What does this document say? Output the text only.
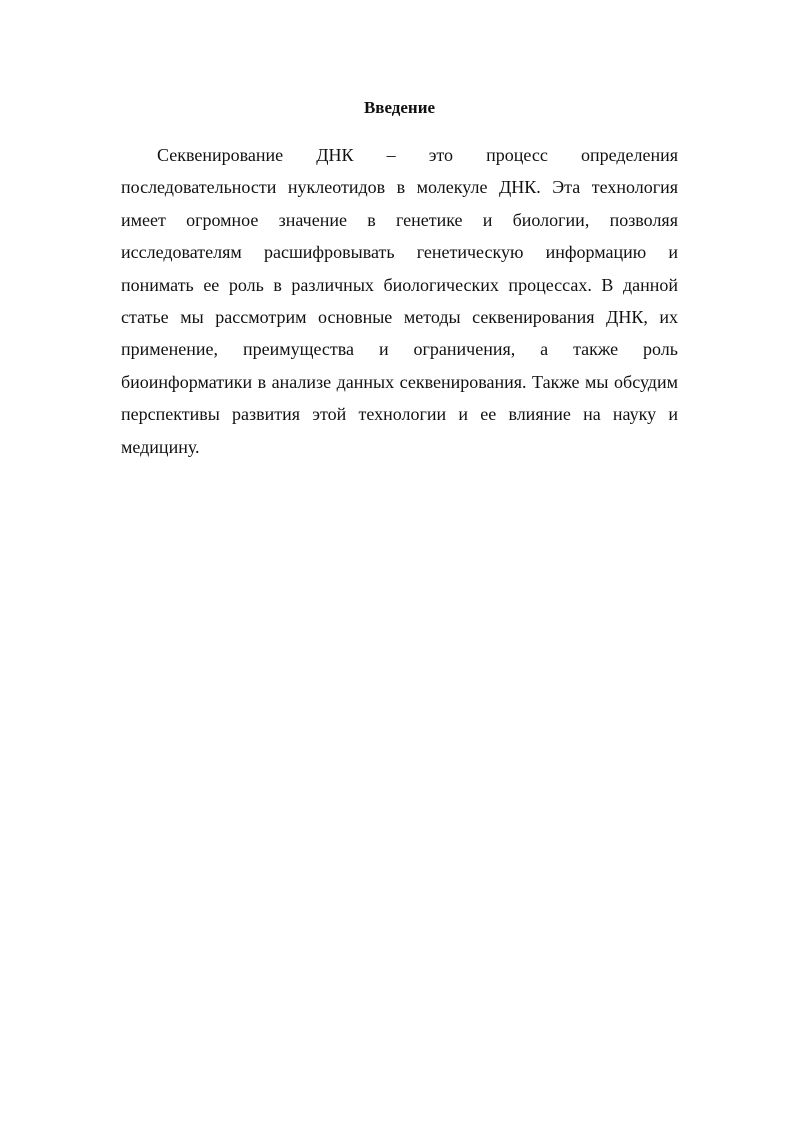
Введение

Секвенирование ДНК – это процесс определения последовательности нуклеотидов в молекуле ДНК. Эта технология имеет огромное значение в генетике и биологии, позволяя исследователям расшифровывать генетическую информацию и понимать ее роль в различных биологических процессах. В данной статье мы рассмотрим основные методы секвенирования ДНК, их применение, преимущества и ограничения, а также роль биоинформатики в анализе данных секвенирования. Также мы обсудим перспективы развития этой технологии и ее влияние на науку и медицину.
